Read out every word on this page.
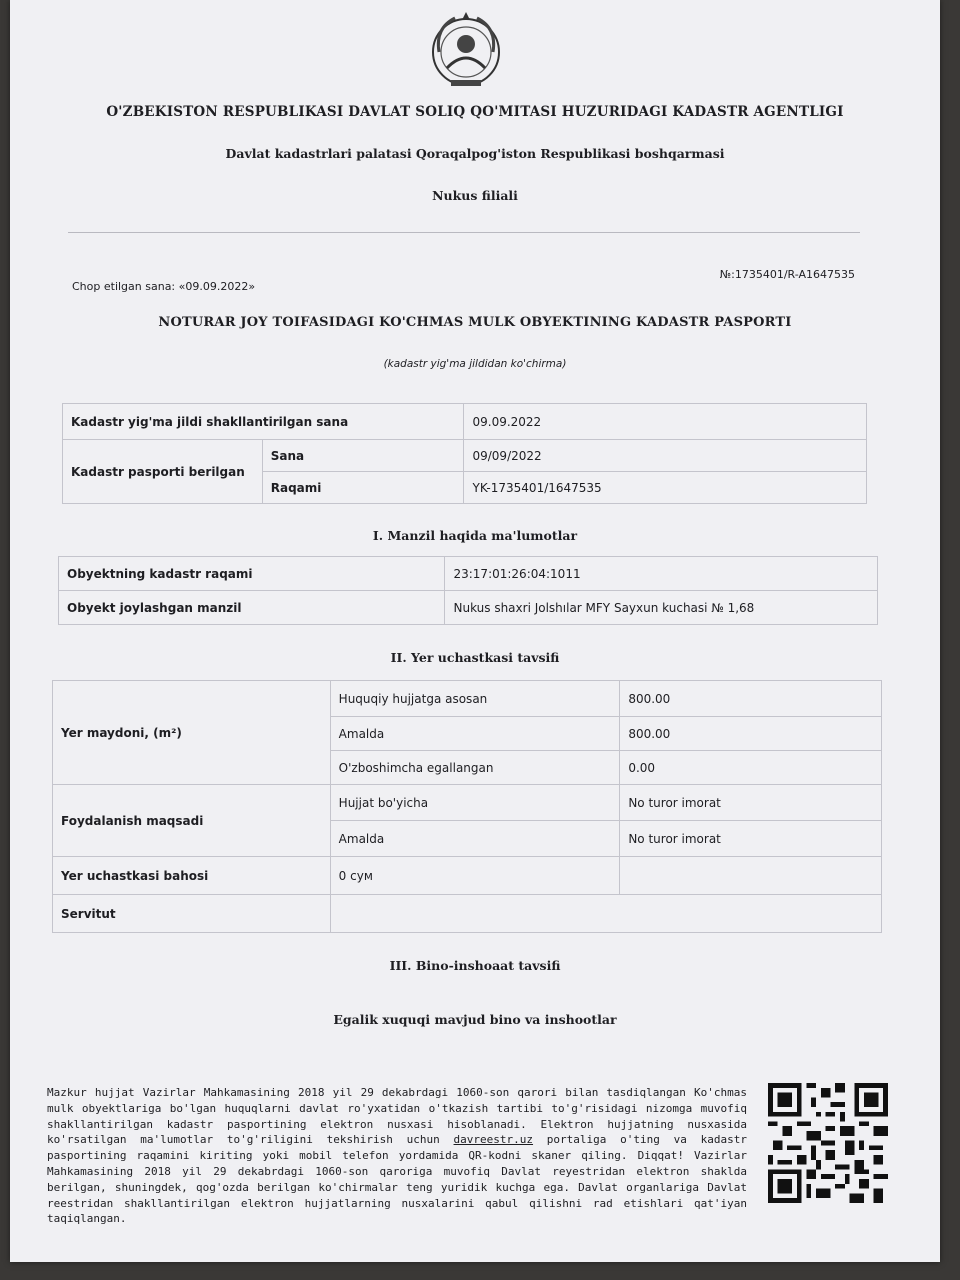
O'ZBEKISTON RESPUBLIKASI DAVLAT SOLIQ QO'MITASI HUZURIDAGI KADASTR AGENTLIGI
Davlat kadastrlari palatasi Qoraqalpog'iston Respublikasi boshqarmasi
Nukus filiali
Chop etilgan sana: «09.09.2022»
№:1735401/R-A1647535
NOTURAR JOY TOIFASIDAGI KO'CHMAS MULK OBYEKTINING KADASTR PASPORTI
(kadastr yig'ma jildidan ko'chirma)
Kadastr yig'ma jildi shakllantirilgan sana		09.09.2022
Kadastr pasporti berilgan	Sana	09/09/2022
	Raqami	YK-1735401/1647535
I. Manzil haqida ma'lumotlar
Obyektning kadastr raqami	23:17:01:26:04:1011
Obyekt joylashgan manzil	Nukus shaxri Jolshılar MFY Sayxun kuchasi № 1,68
II. Yer uchastkasi tavsifi
Yer maydoni, (m²)	Huquqiy hujjatga asosan	800.00
	Amalda	800.00
	O'zboshimcha egallangan	0.00
Foydalanish maqsadi	Hujjat bo'yicha	No turor imorat
	Amalda	No turor imorat
Yer uchastkasi bahosi	0 сум	
Servitut		
III. Bino-inshoaat tavsifi
Egalik xuquqi mavjud bino va inshootlar
Mazkur hujjat Vazirlar Mahkamasining 2018 yil 29 dekabrdagi 1060-son qarori bilan tasdiqlangan Ko'chmas mulk obyektlariga bo'lgan huquqlarni davlat ro'yxatidan o'tkazish tartibi to'g'risidagi nizomga muvofiq shakllantirilgan kadastr pasportining elektron nusxasi hisoblanadi. Elektron hujjatning nusxasida ko'rsatilgan ma'lumotlar to'g'riligini tekshirish uchun davreestr.uz portaliga o'ting va kadastr pasportining raqamini kiriting yoki mobil telefon yordamida QR-kodni skaner qiling. Diqqat! Vazirlar Mahkamasining 2018 yil 29 dekabrdagi 1060-son qaroriga muvofiq Davlat reyestridan elektron shaklda berilgan, shuningdek, qog'ozda berilgan ko'chirmalar teng yuridik kuchga ega. Davlat organlariga Davlat reestridan shakllantirilgan elektron hujjatlarning nusxalarini qabul qilishni rad etishlari qat'iyan taqiqlangan.
